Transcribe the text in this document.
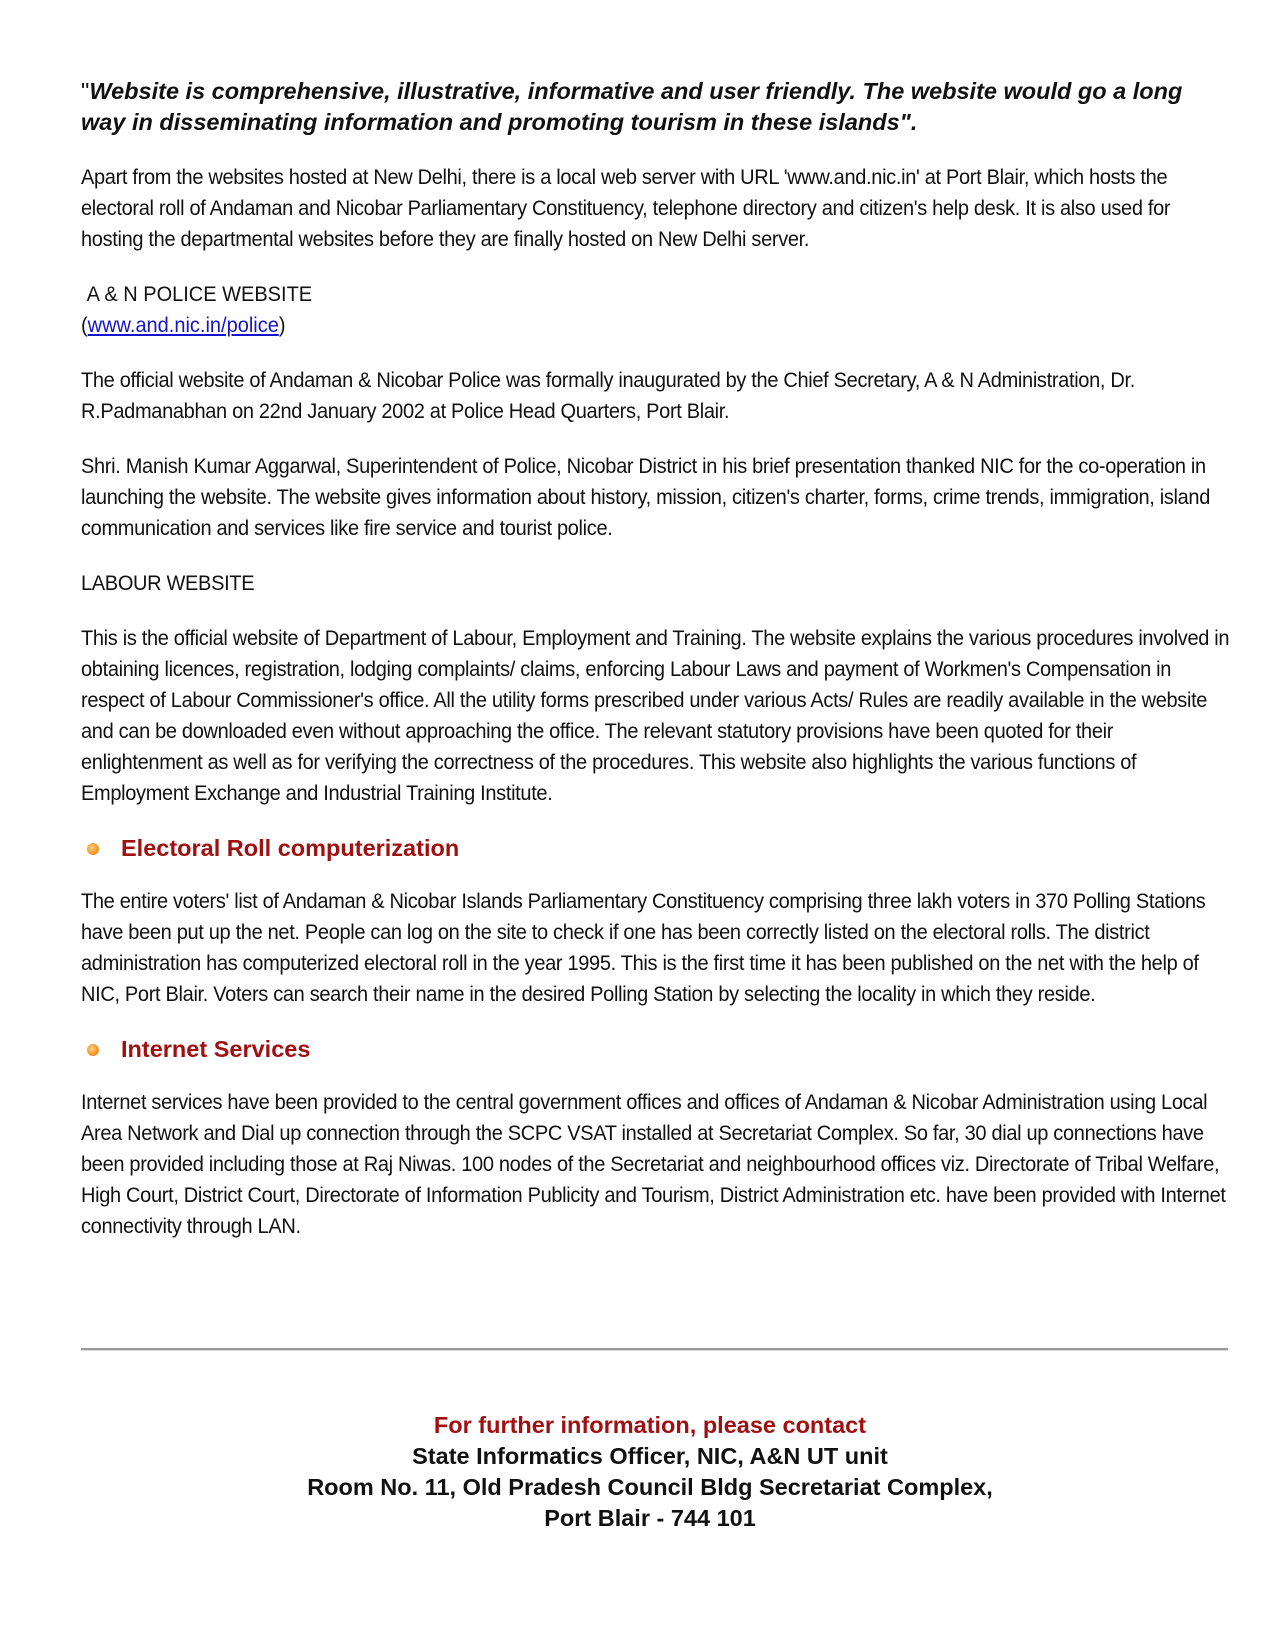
"Website is comprehensive, illustrative, informative and user friendly. The website would go a long way in disseminating information and promoting tourism in these islands".

Apart from the websites hosted at New Delhi, there is a local web server with URL 'www.and.nic.in' at Port Blair, which hosts the electoral roll of Andaman and Nicobar Parliamentary Constituency, telephone directory and citizen's help desk. It is also used for hosting the departmental websites before they are finally hosted on New Delhi server.

A & N POLICE WEBSITE
(www.and.nic.in/police)

The official website of Andaman & Nicobar Police was formally inaugurated by the Chief Secretary, A & N Administration, Dr. R.Padmanabhan on 22nd January 2002 at Police Head Quarters, Port Blair.

Shri. Manish Kumar Aggarwal, Superintendent of Police, Nicobar District in his brief presentation thanked NIC for the co-operation in launching the website. The website gives information about history, mission, citizen's charter, forms, crime trends, immigration, island communication and services like fire service and tourist police.

LABOUR WEBSITE

This is the official website of Department of Labour, Employment and Training. The website explains the various procedures involved in obtaining licences, registration, lodging complaints/ claims, enforcing Labour Laws and payment of Workmen's Compensation in respect of Labour Commissioner's office. All the utility forms prescribed under various Acts/ Rules are readily available in the website and can be downloaded even without approaching the office. The relevant statutory provisions have been quoted for their enlightenment as well as for verifying the correctness of the procedures. This website also highlights the various functions of Employment Exchange and Industrial Training Institute.

Electoral Roll computerization

The entire voters' list of Andaman & Nicobar Islands Parliamentary Constituency comprising three lakh voters in 370 Polling Stations have been put up the net. People can log on the site to check if one has been correctly listed on the electoral rolls. The district administration has computerized electoral roll in the year 1995. This is the first time it has been published on the net with the help of NIC, Port Blair. Voters can search their name in the desired Polling Station by selecting the locality in which they reside.

Internet Services

Internet services have been provided to the central government offices and offices of Andaman & Nicobar Administration using Local Area Network and Dial up connection through the SCPC VSAT installed at Secretariat Complex. So far, 30 dial up connections have been provided including those at Raj Niwas. 100 nodes of the Secretariat and neighbourhood offices viz. Directorate of Tribal Welfare, High Court, District Court, Directorate of Information Publicity and Tourism, District Administration etc. have been provided with Internet connectivity through LAN.

For further information, please contact
State Informatics Officer, NIC, A&N UT unit
Room No. 11, Old Pradesh Council Bldg Secretariat Complex,
Port Blair - 744 101
